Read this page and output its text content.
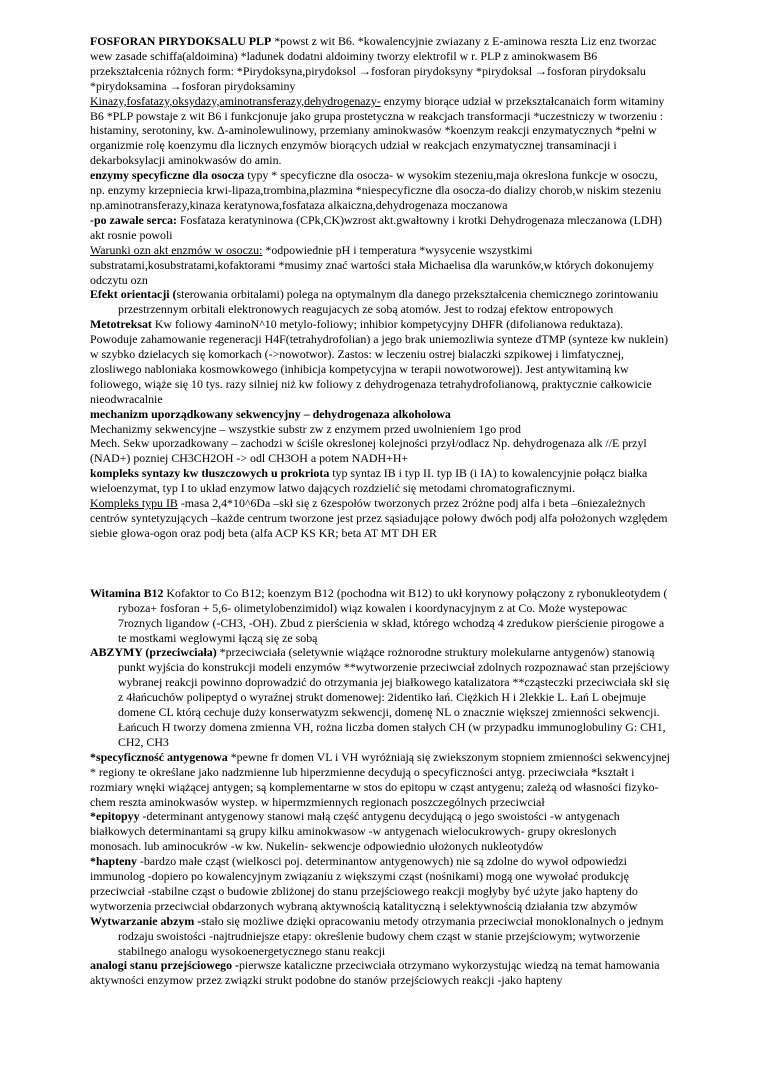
FOSFORAN PIRYDOKSALU PLP *powst z wit B6. *kowalencyjnie zwiazany z E-aminowa reszta Liz enz tworzac wew zasade schiffa(aldoimina) *ladunek dodatni aldoiminy tworzy elektrofil w r. PLP z aminokwasem B6 przekształcenia różnych form: *Pirydoksyna,pirydoksol →fosforan pirydoksyny *pirydoksal →fosforan pirydoksalu *pirydoksamina →fosforan pirydoksaminy

Kinazy,fosfatazy,oksydazy,aminotransferazy,dehydrogenazy- enzymy biorące udział w przekształcanaich form witaminy B6 *PLP powstaje z wit B6 i funkcjonuje jako grupa prostetyczna w reakcjach transformacji *uczestniczy w tworzeniu : histaminy, serotoniny, kw. Δ-aminolewulinowy, przemiany aminokwasów *koenzym reakcji enzymatycznych *pełni w organizmie rolę koenzymu dla licznych enzymów biorących udział w reakcjach enzymatycznej transaminacji i dekarboksylacji aminokwasów do amin.

enzymy specyficzne dla osocza typy * specyficzne dla osocza- w wysokim stezeniu,maja okreslona funkcje w osoczu, np. enzymy krzepniecia krwi-lipaza,trombina,plazmina *niespecyficzne dla osocza-do dializy chorob,w niskim stezeniu np.aminotransferazy,kinaza keratynowa,fosfataza alkaiczna,dehydrogenaza moczanowa

-po zawale serca: Fosfataza keratyninowa (CPk,CK)wzrost akt.gwałtowny i krotki Dehydrogenaza mleczanowa (LDH) akt rosnie powoli

Warunki ozn akt enzmów w osoczu: *odpowiednie pH i temperatura *wysycenie wszystkimi substratami,kosubstratami,kofaktorami *musimy znać wartości stała Michaelisa dla warunków,w których dokonujemy odczytu ozn

Efekt orientacji (sterowania orbitalami) polega na optymalnym dla danego przekształcenia chemicznego zorintowaniu przestrzennym orbitali elektronowych reagujacych ze sobą atomów. Jest to rodzaj efektow entropowych

Metotreksat Kw foliowy 4aminoN^10 metylo-foliowy; inhibior kompetycyjny DHFR (difolianowa reduktaza). Powoduje zahamowanie regeneracji H4F(tetrahydrofolian) a jego brak uniemozliwia synteze dTMP (synteze kw nuklein) w szybko dzielacych się komorkach (->nowotwor). Zastos: w leczeniu ostrej bialaczki szpikowej i limfatycznej, zlosliwego nabloniaka kosmowkowego (inhibicja kompetycyjna w terapii nowotworowej). Jest antywitaminą kw foliowego, wiąże się 10 tys. razy silniej niż kw foliowy z dehydrogenaza tetrahydrofolianową, praktycznie całkowicie nieodwracalnie

mechanizm uporządkowany sekwencyjny – dehydrogenaza alkoholowa

Mechanizmy sekwencyjne – wszystkie substr zw z enzymem przed uwolnieniem 1go prod

Mech. Sekw uporzadkowany – zachodzi w ściśle okreslonej kolejności przył/odlacz Np. dehydrogenaza alk //E przyl (NAD+) pozniej CH3CH2OH -> odl CH3OH a potem NADH+H+

kompleks syntazy kw tłuszczowych u prokriota typ syntaz IB i typ II. typ IB (i IA) to kowalencyjnie połącz białka wieloenzymat, typ I to układ enzymow latwo dających rozdzielić się metodami chromatograficznymi.

Kompleks typu IB -masa 2,4*10^6Da –skł się z 6zespołów tworzonych przez 2różne podj alfa i beta –6niezależnych centrów syntetyzujących –każde centrum tworzone jest przez sąsiadujące połowy dwóch podj alfa położonych względem siebie głowa-ogon oraz podj beta (alfa ACP KS KR; beta AT MT DH ER

Witamina B12 Kofaktor to Co B12; koenzym B12 (pochodna wit B12) to ukł korynowy połączony z rybonukleotydem ( ryboza+ fosforan + 5,6- olimetylobenzimidol) wiąz kowalen i koordynacyjnym z at Co. Może wystepowac 7roznych ligandow (-CH3, -OH). Zbud z pierścienia w skład, którego wchodzą 4 zredukow pierścienie pirogowe a te mostkami weglowymi łączą się ze sobą

ABZYMY (przeciwciała) *przeciwciała (seletywnie wiążące rożnorodne struktury molekularne antygenów) stanowią punkt wyjścia do konstrukcji modeli enzymów **wytworzenie przeciwciał zdolnych rozpoznawać stan przejściowy wybranej reakcji powinno doprowadzić do otrzymania jej białkowego katalizatora **cząsteczki przeciwciała skł się z 4łańcuchów polipeptyd o wyraźnej strukt domenowej: 2identiko łań. Ciężkich H i 2lekkie L. Łań L obejmuje domene CL którą cechuje duży konserwatyzm sekwencji, domenę NL o znacznie większej zmienności sekwencji. Łańcuch H tworzy domena zmienna VH, rożna liczba domen stałych CH (w przypadku immunoglobuliny G: CH1, CH2, CH3

*specyficzność antygenowa *pewne fr domen VL i VH wyróżniają się zwiekszonym stopniem zmienności sekwencyjnej * regiony te określane jako nadzmienne lub hiperzmienne decydują o specyficzności antyg. przeciwciała *kształt i rozmiary wnęki wiążącej antygen; są komplementarne w stos do epitopu w cząst antygenu; zależą od własności fizyko-chem reszta aminokwasów wystep. w hipermzmiennych regionach poszczególnych przeciwciał

*epitopyy -determinant antygenowy stanowi małą część antygenu decydującą o jego swoistości -w antygenach białkowych determinantami są grupy kilku aminokwasow -w antygenach wielocukrowych- grupy okreslonych monosach. lub aminocukrów -w kw. Nukelin- sekwencje odpowiednio ułożonych nukleotydów

*hapteny -bardzo małe cząst (wielkosci poj. determinantow antygenowych) nie są zdolne do wywoł odpowiedzi immunolog -dopiero po kowalencyjnym związaniu z większymi cząst (nośnikami) mogą one wywołać produkcję przeciwciał -stabilne cząst o budowie zbliżonej do stanu przejściowego reakcji mogłyby być użyte jako hapteny do wytworzenia przeciwciał obdarzonych wybraną aktywnością katalityczną i selektywnością działania tzw abzymów

Wytwarzanie abzym -stało się możliwe dzięki opracowaniu metody otrzymania przeciwciał monoklonalnych o jednym rodzaju swoistości -najtrudniejsze etapy: określenie budowy chem cząst w stanie przejściowym; wytworzenie stabilnego analogu wysokoenergetycznego stanu reakcji

analogi stanu przejściowego -pierwsze kataliczne przeciwciała otrzymano wykorzystując wiedzą na temat hamowania aktywności enzymow przez związki strukt podobne do stanów przejściowych reakcji -jako hapteny
